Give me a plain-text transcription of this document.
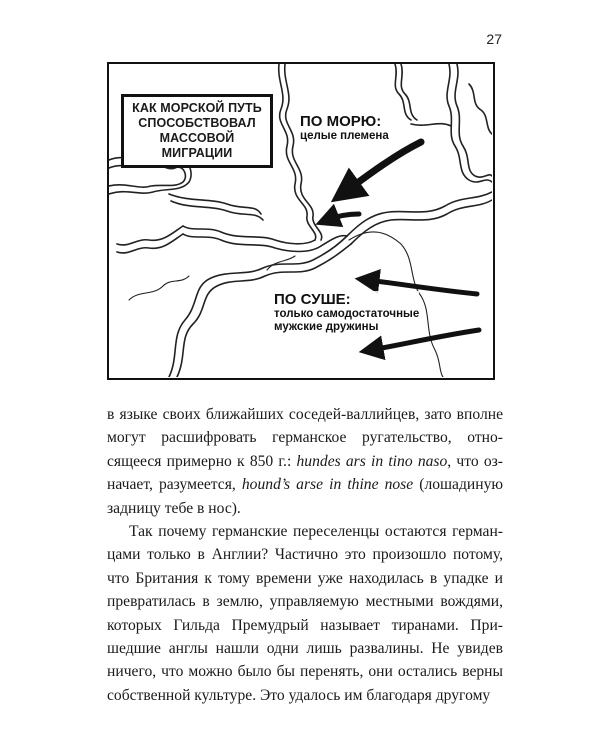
27
КАК МОРСКОЙ ПУТЬ
СПОСОБСТВОВАЛ
МАССОВОЙ
МИГРАЦИИ
ПО МОРЮ:
целые племена
ПО СУШЕ:
только самодостаточные
мужские дружины

в языке своих ближайших соседей-валлийцев, зато вполне могут расшифровать германское ругательство, относящееся примерно к 850 г.: hundes ars in tino naso, что означает, разумеется, hound’s arse in thine nose (лошадиную задницу тебе в нос).

Так почему германские переселенцы остаются германцами только в Англии? Частично это произошло потому, что Британия к тому времени уже находилась в упадке и превратилась в землю, управляемую местными вождями, которых Гильда Премудрый называет тиранами. Пришедшие англы нашли одни лишь развалины. Не увидев ничего, что можно было бы перенять, они остались верны собственной культуре. Это удалось им благодаря другому
